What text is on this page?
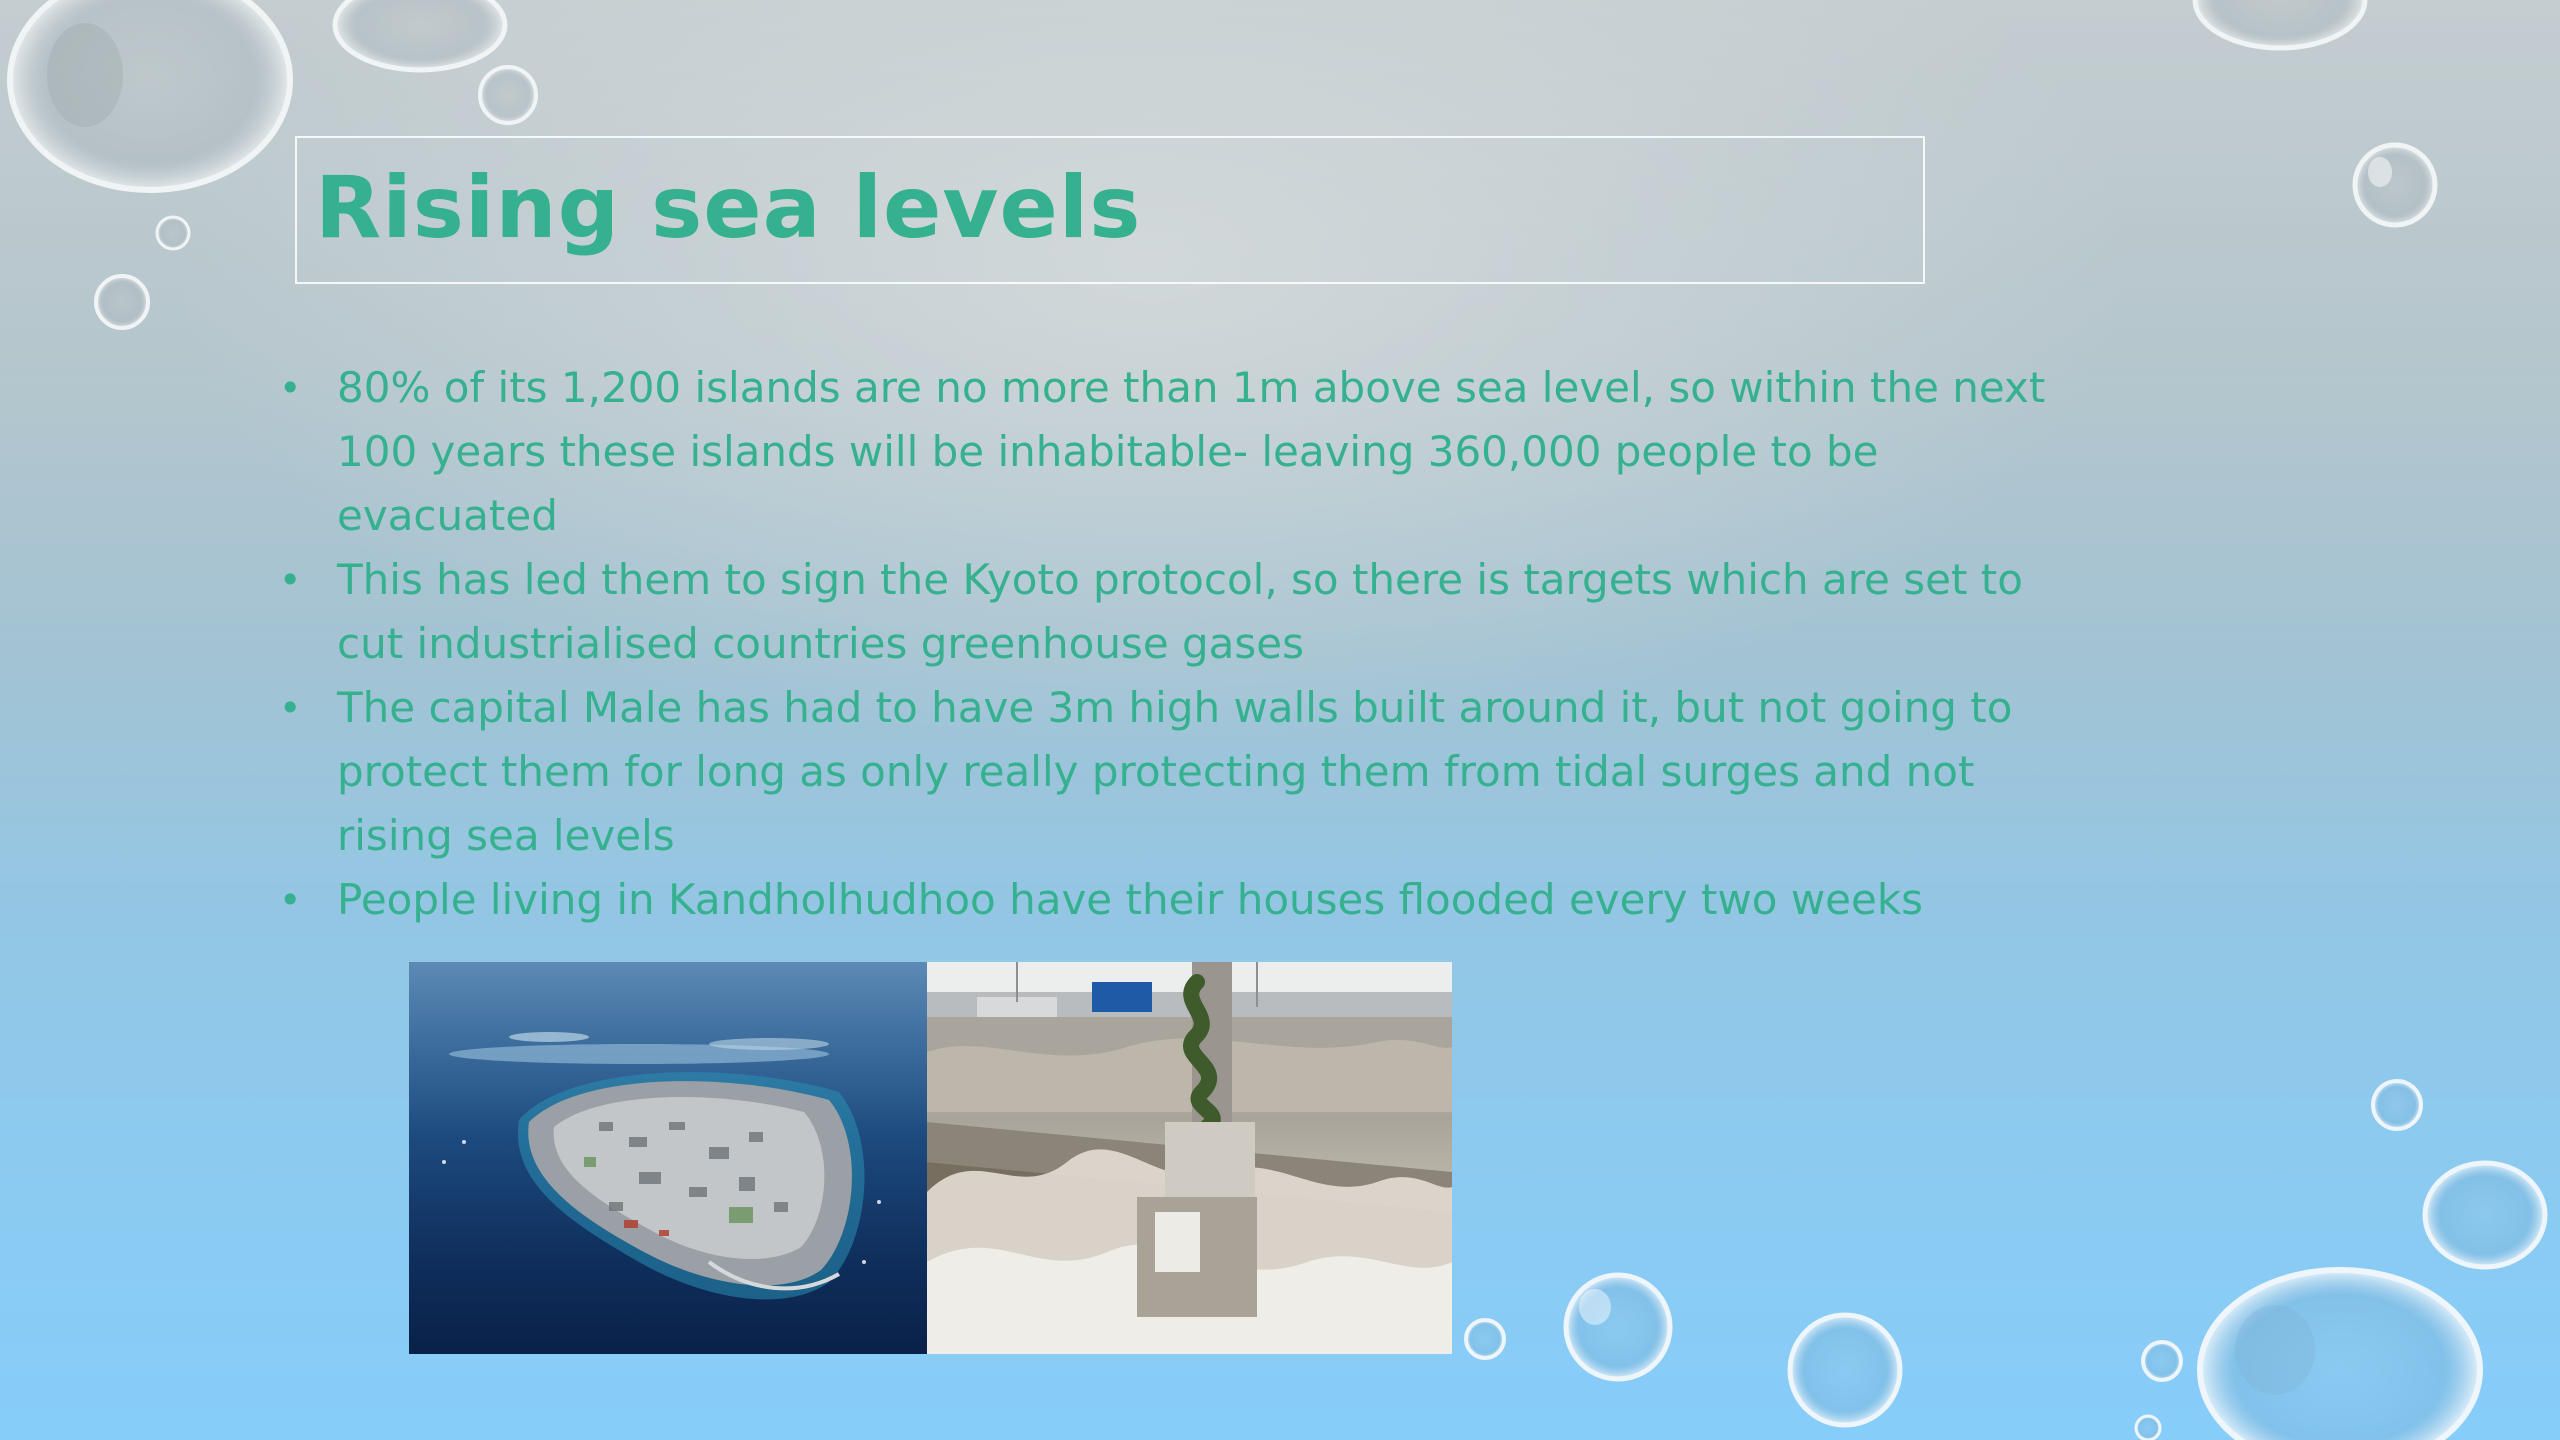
Rising sea levels
• 80% of its 1,200 islands are no more than 1m above sea level, so within the next 100 years these islands will be inhabitable- leaving 360,000 people to be evacuated
• This has led them to sign the Kyoto protocol, so there is targets which are set to cut industrialised countries greenhouse gases
• The capital Male has had to have 3m high walls built around it, but not going to protect them for long as only really protecting them from tidal surges and not rising sea levels
• People living in Kandholhudhoo have their houses flooded every two weeks
